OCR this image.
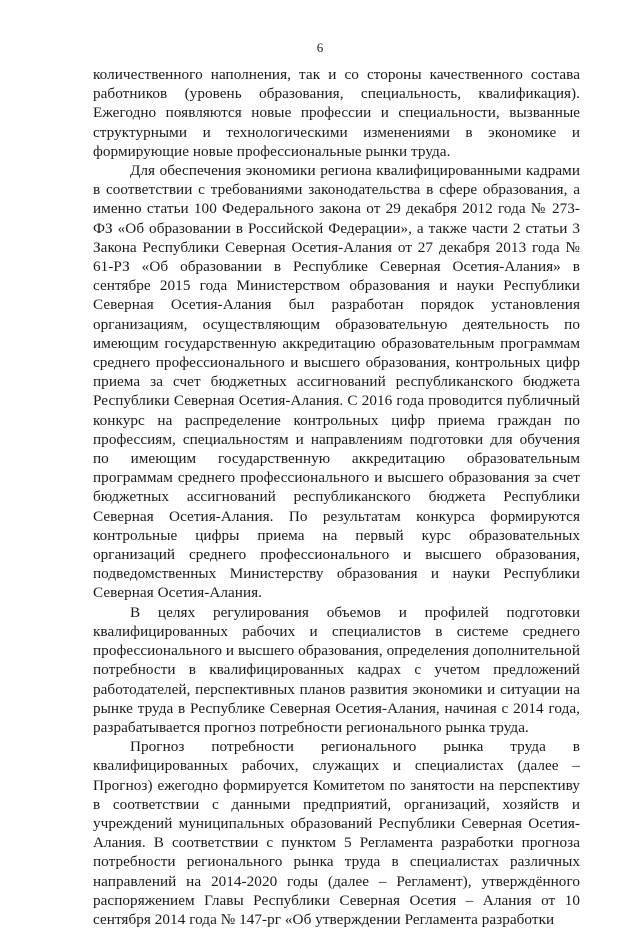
6

количественного наполнения, так и со стороны качественного состава работников (уровень образования, специальность, квалификация). Ежегодно появляются новые профессии и специальности, вызванные структурными и технологическими изменениями в экономике и формирующие новые профессиональные рынки труда.

Для обеспечения экономики региона квалифицированными кадрами в соответствии с требованиями законодательства в сфере образования, а именно статьи 100 Федерального закона от 29 декабря 2012 года № 273-ФЗ «Об образовании в Российской Федерации», а также части 2 статьи 3 Закона Республики Северная Осетия-Алания от 27 декабря 2013 года № 61-РЗ «Об образовании в Республике Северная Осетия-Алания» в сентябре 2015 года Министерством образования и науки Республики Северная Осетия-Алания был разработан порядок установления организациям, осуществляющим образовательную деятельность по имеющим государственную аккредитацию образовательным программам среднего профессионального и высшего образования, контрольных цифр приема за счет бюджетных ассигнований республиканского бюджета Республики Северная Осетия-Алания. С 2016 года проводится публичный конкурс на распределение контрольных цифр приема граждан по профессиям, специальностям и направлениям подготовки для обучения по имеющим государственную аккредитацию образовательным программам среднего профессионального и высшего образования за счет бюджетных ассигнований республиканского бюджета Республики Северная Осетия-Алания. По результатам конкурса формируются контрольные цифры приема на первый курс образовательных организаций среднего профессионального и высшего образования, подведомственных Министерству образования и науки Республики Северная Осетия-Алания.

В целях регулирования объемов и профилей подготовки квалифицированных рабочих и специалистов в системе среднего профессионального и высшего образования, определения дополнительной потребности в квалифицированных кадрах с учетом предложений работодателей, перспективных планов развития экономики и ситуации на рынке труда в Республике Северная Осетия-Алания, начиная с 2014 года, разрабатывается прогноз потребности регионального рынка труда.

Прогноз потребности регионального рынка труда в квалифицированных рабочих, служащих и специалистах (далее – Прогноз) ежегодно формируется Комитетом по занятости на перспективу в соответствии с данными предприятий, организаций, хозяйств и учреждений муниципальных образований Республики Северная Осетия-Алания. В соответствии с пунктом 5 Регламента разработки прогноза потребности регионального рынка труда в специалистах различных направлений на 2014-2020 годы (далее – Регламент), утверждённого распоряжением Главы Республики Северная Осетия – Алания от 10 сентября 2014 года № 147-рг «Об утверждении Регламента разработки
